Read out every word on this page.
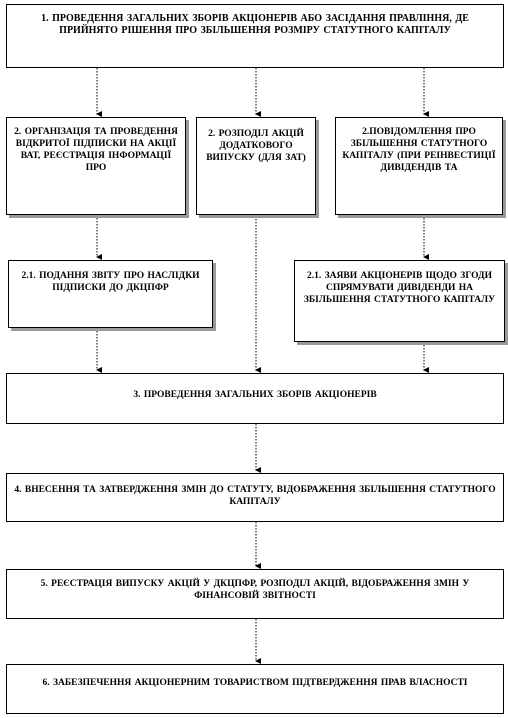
1. ПРОВЕДЕННЯ ЗАГАЛЬНИХ ЗБОРІВ АКЦІОНЕРІВ АБО ЗАСІДАННЯ ПРАВЛІННЯ, ДЕ ПРИЙНЯТО РІШЕННЯ ПРО ЗБІЛЬШЕННЯ РОЗМІРУ СТАТУТНОГО КАПІТАЛУ
2. ОРГАНІЗАЦІЯ ТА ПРОВЕДЕННЯ ВІДКРИТОЇ ПІДПИСКИ НА АКЦІЇ ВАТ, РЕЄСТРАЦІЯ ІНФОРМАЦІЇ ПРО
2. РОЗПОДІЛ АКЦІЙ ДОДАТКОВОГО ВИПУСКУ (ДЛЯ ЗАТ)
2.ПОВІДОМЛЕННЯ ПРО ЗБІЛЬШЕННЯ СТАТУТНОГО КАПІТАЛУ (ПРИ РЕІНВЕСТИЦІЇ ДИВІДЕНДІВ ТА
2.1. ПОДАННЯ ЗВІТУ ПРО НАСЛІДКИ ПІДПИСКИ ДО ДКЦПФР
2.1. ЗАЯВИ АКЦІОНЕРІВ ЩОДО ЗГОДИ СПРЯМУВАТИ ДИВІДЕНДИ НА ЗБІЛЬШЕННЯ СТАТУТНОГО КАПІТАЛУ
3. ПРОВЕДЕННЯ ЗАГАЛЬНИХ ЗБОРІВ АКЦІОНЕРІВ
4. ВНЕСЕННЯ ТА ЗАТВЕРДЖЕННЯ ЗМІН ДО СТАТУТУ, ВІДОБРАЖЕННЯ ЗБІЛЬШЕННЯ СТАТУТНОГО КАПІТАЛУ
5. РЕЄСТРАЦІЯ ВИПУСКУ АКЦІЙ У ДКЦПФР, РОЗПОДІЛ АКЦІЙ, ВІДОБРАЖЕННЯ ЗМІН У ФІНАНСОВІЙ ЗВІТНОСТІ
6. ЗАБЕЗПЕЧЕННЯ АКЦІОНЕРНИМ ТОВАРИСТВОМ ПІДТВЕРДЖЕННЯ ПРАВ ВЛАСНОСТІ
